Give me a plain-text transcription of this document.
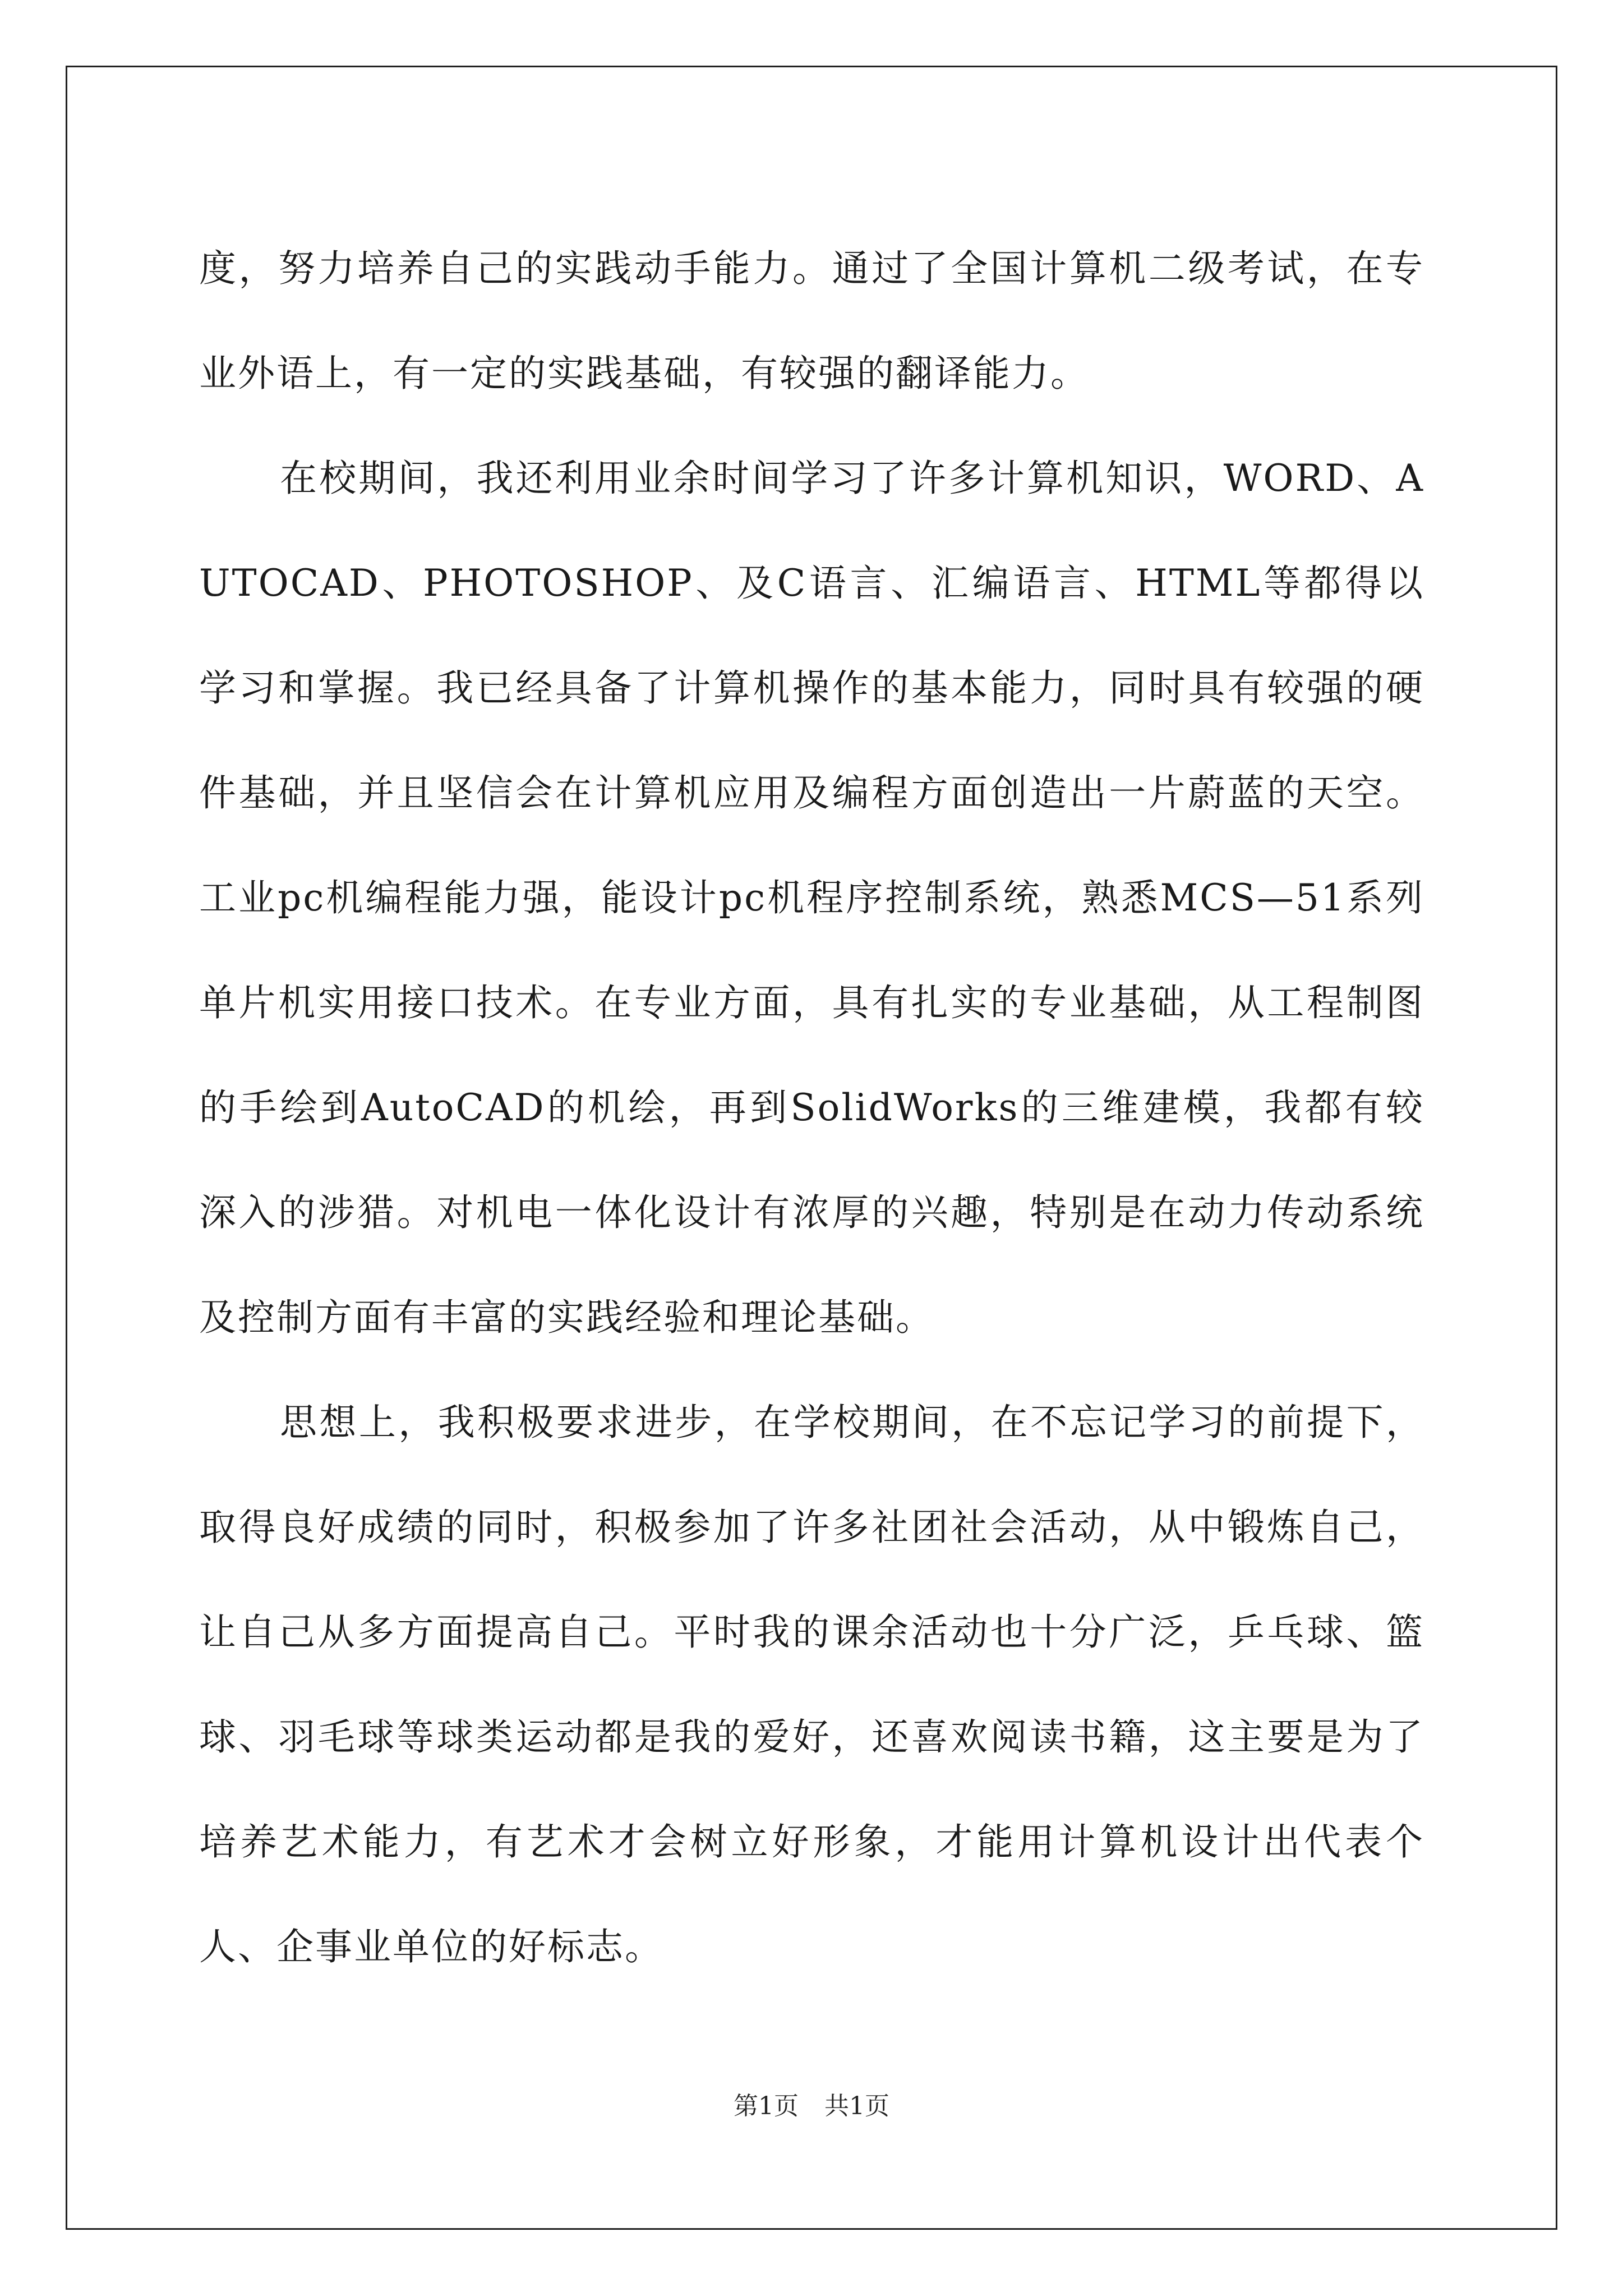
度，努力培养自己的实践动手能力。通过了全国计算机二级考试，在专业外语上，有一定的实践基础，有较强的翻译能力。

在校期间，我还利用业余时间学习了许多计算机知识，WORD、AUTOCAD、PHOTOSHOP、及C语言、汇编语言、HTML等都得以学习和掌握。我已经具备了计算机操作的基本能力，同时具有较强的硬件基础，并且坚信会在计算机应用及编程方面创造出一片蔚蓝的天空。工业pc机编程能力强，能设计pc机程序控制系统，熟悉MCS—51系列单片机实用接口技术。在专业方面，具有扎实的专业基础，从工程制图的手绘到AutoCAD的机绘，再到SolidWorks的三维建模，我都有较深入的涉猎。对机电一体化设计有浓厚的兴趣，特别是在动力传动系统及控制方面有丰富的实践经验和理论基础。

思想上，我积极要求进步，在学校期间，在不忘记学习的前提下，取得良好成绩的同时，积极参加了许多社团社会活动，从中锻炼自己，让自己从多方面提高自己。平时我的课余活动也十分广泛，乒乓球、篮球、羽毛球等球类运动都是我的爱好，还喜欢阅读书籍，这主要是为了培养艺术能力，有艺术才会树立好形象，才能用计算机设计出代表个人、企事业单位的好标志。

第1页 共1页
